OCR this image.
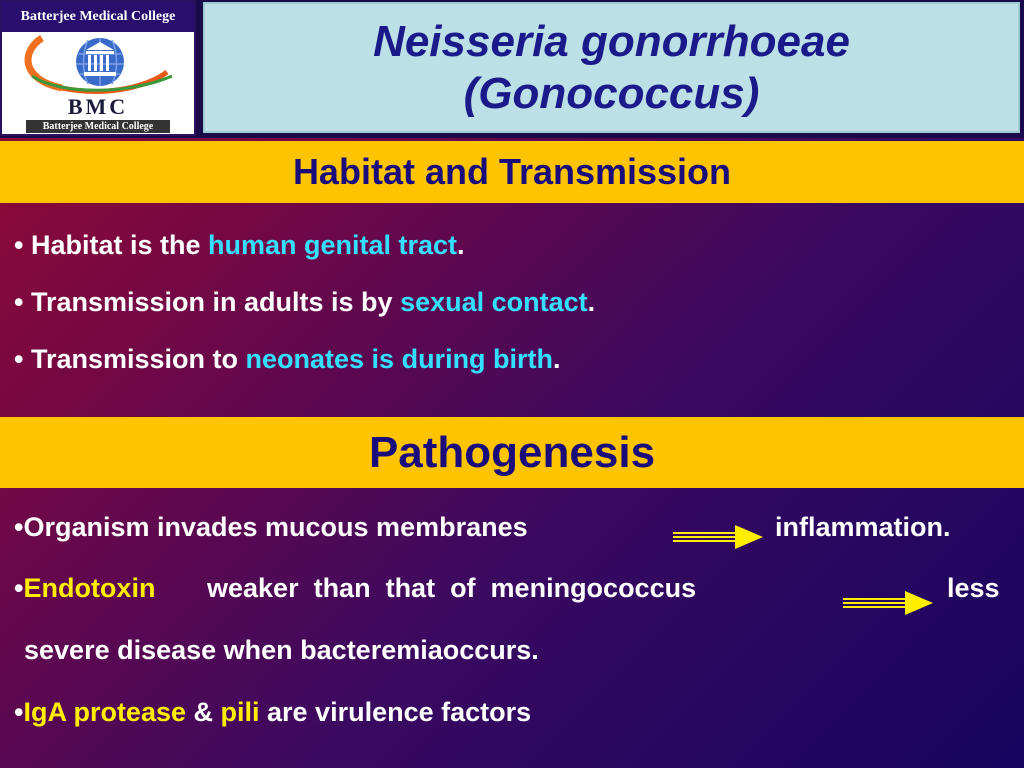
Batterjee Medical College
BMC
Batterjee Medical College
Neisseria gonorrhoeae
(Gonococcus)
Habitat and Transmission
• Habitat is the human genital tract.
• Transmission in adults is by sexual contact.
• Transmission to neonates is during birth.
Pathogenesis
•Organism invades mucous membranes	inflammation.
•Endotoxin weaker  than  that  of  meningococcus	less
severe disease when bacteremiaoccurs.
•IgA protease & pili are virulence factors
